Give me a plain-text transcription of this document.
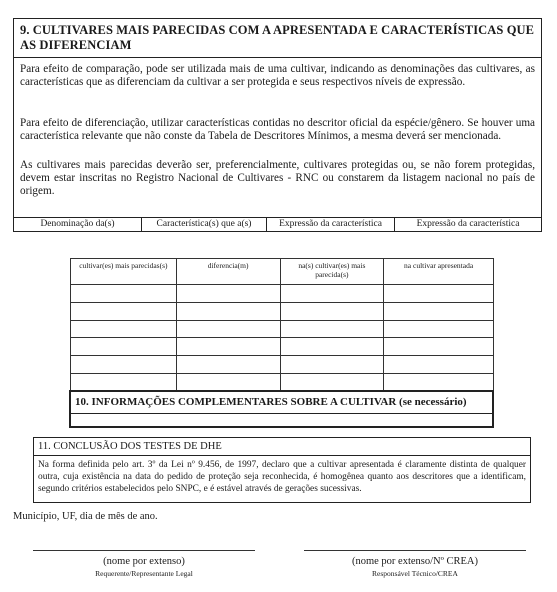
9. CULTIVARES MAIS PARECIDAS COM A APRESENTADA E CARACTERÍSTICAS QUE AS DIFERENCIAM
Para efeito de comparação, pode ser utilizada mais de uma cultivar, indicando as denominações das cultivares, as características que as diferenciam da cultivar a ser protegida e seus respectivos níveis de expressão.
Para efeito de diferenciação, utilizar características contidas no descritor oficial da espécie/gênero. Se houver uma característica relevante que não conste da Tabela de Descritores Mínimos, a mesma deverá ser mencionada.
As cultivares mais parecidas deverão ser, preferencialmente, cultivares protegidas ou, se não forem protegidas, devem estar inscritas no Registro Nacional de Cultivares - RNC ou constarem da listagem nacional no país de origem.
Denominação da(s)	Característica(s) que a(s)	Expressão da característica	Expressão da característica
cultivar(es) mais parecidas(s)	diferencia(m)	na(s) cultivar(es) mais parecida(s)	na cultivar apresentada

10. INFORMAÇÕES COMPLEMENTARES SOBRE A CULTIVAR (se necessário)
11. CONCLUSÃO DOS TESTES DE DHE
Na forma definida pelo art. 3º da Lei nº 9.456, de 1997, declaro que a cultivar apresentada é claramente distinta de qualquer outra, cuja existência na data do pedido de proteção seja reconhecida, é homogênea quanto aos descritores que a identificam, segundo critérios estabelecidos pelo SNPC, e é estável através de gerações sucessivas.
Município, UF, dia de mês de ano.
(nome por extenso)
Requerente/Representante Legal
(nome por extenso/Nº CREA)
Responsável Técnico/CREA
